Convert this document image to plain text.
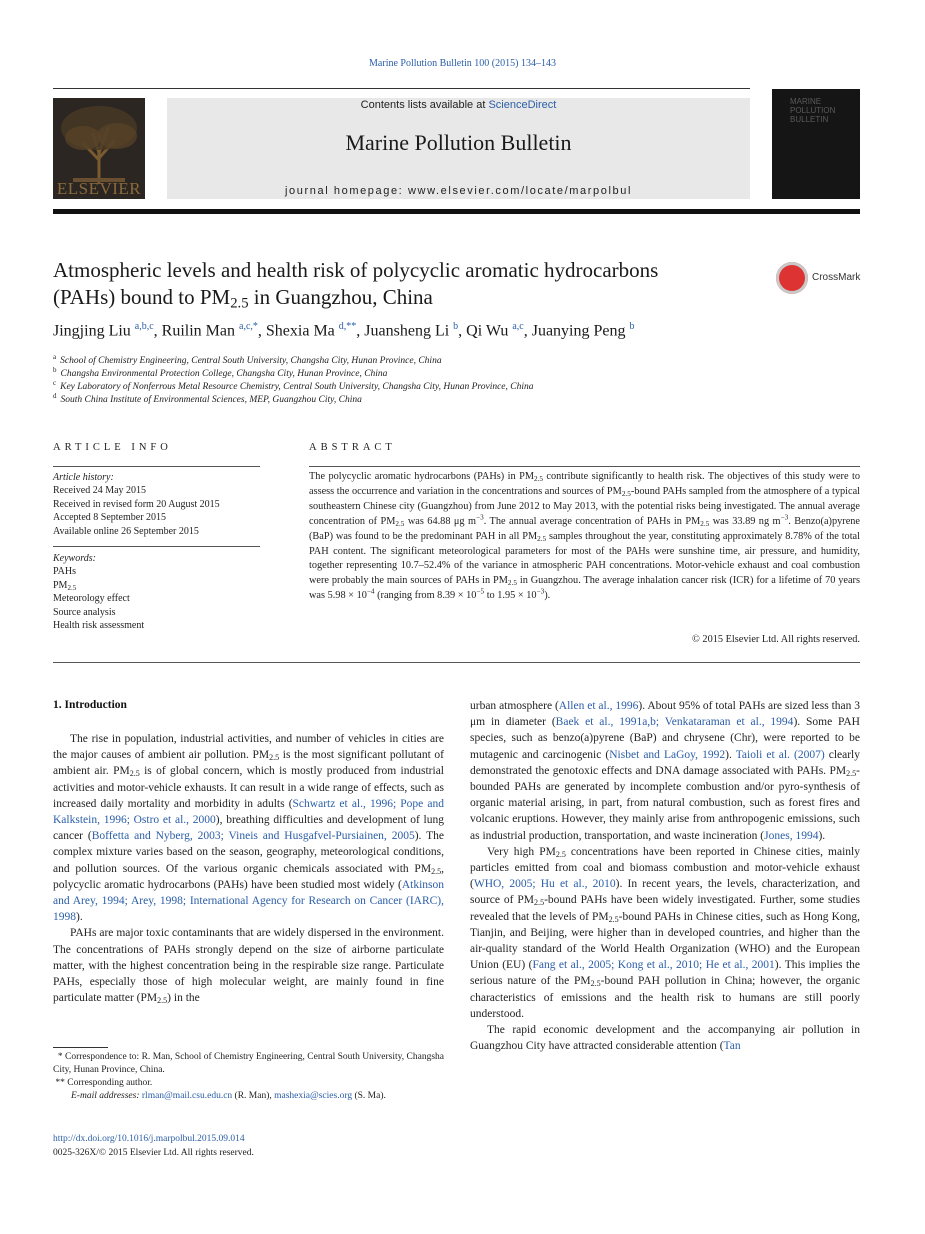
Marine Pollution Bulletin 100 (2015) 134–143
ELSEVIER
Contents lists available at ScienceDirect
Marine Pollution Bulletin
journal homepage: www.elsevier.com/locate/marpolbul
MARINE POLLUTION BULLETIN
Atmospheric levels and health risk of polycyclic aromatic hydrocarbons
(PAHs) bound to $PM_{2.5}$ in Guangzhou, China
CrossMark
Jingjing Liu $^{a,b,c}$, Ruilin Man $^{a,c,*}$, Shexia Ma $^{d,**}$, Juansheng Li $^b$, Qi Wu $^{a,c}$, Juanying Peng $^b$
$^a$ School of Chemistry Engineering, Central South University, Changsha City, Hunan Province, China
$^b$ Changsha Environmental Protection College, Changsha City, Hunan Province, China
$^c$ Key Laboratory of Nonferrous Metal Resource Chemistry, Central South University, Changsha City, Hunan Province, China
$^d$ South China Institute of Environmental Sciences, MEP, Guangzhou City, China
ARTICLE INFO
Article history:
Received 24 May 2015
Received in revised form 20 August 2015
Accepted 8 September 2015
Available online 26 September 2015
Keywords:
PAHs
$PM_{2.5}$
Meteorology effect
Source analysis
Health risk assessment
ABSTRACT
The polycyclic aromatic hydrocarbons (PAHs) in $PM_{2.5}$ contribute significantly to health risk. The objectives of this study were to assess the occurrence and variation in the concentrations and sources of $PM_{2.5}$-bound PAHs sampled from the atmosphere of a typical southeastern Chinese city (Guangzhou) from June 2012 to May 2013, with the potential risks being investigated. The annual average concentration of $PM_{2.5}$ was 64.88 μg $m^{-3}$. The annual average concentration of PAHs in $PM_{2.5}$ was 33.89 ng $m^{-3}$. Benzo(a)pyrene (BaP) was found to be the predominant PAH in all $PM_{2.5}$ samples throughout the year, constituting approximately 8.78% of the total PAH content. The significant meteorological parameters for most of the PAHs were sunshine time, air pressure, and humidity, together representing 10.7–52.4% of the variance in atmospheric PAH concentrations. Motor-vehicle exhaust and coal combustion were probably the main sources of PAHs in $PM_{2.5}$ in Guangzhou. The average inhalation cancer risk (ICR) for a lifetime of 70 years was $5.98 \times 10^{-4}$ (ranging from $8.39 \times 10^{-5}$ to $1.95 \times 10^{-3}$).
© 2015 Elsevier Ltd. All rights reserved.
1. Introduction

The rise in population, industrial activities, and number of vehicles in cities are the major causes of ambient air pollution. $PM_{2.5}$ is the most significant pollutant of ambient air. $PM_{2.5}$ is of global concern, which is mostly produced from industrial activities and motor-vehicle exhausts. It can result in a wide range of effects, such as increased daily mortality and morbidity in adults (Schwartz et al., 1996; Pope and Kalkstein, 1996; Ostro et al., 2000), breathing difficulties and development of lung cancer (Boffetta and Nyberg, 2003; Vineis and Husgafvel-Pursiainen, 2005). The complex mixture varies based on the season, geography, meteorological conditions, and pollution sources. Of the various organic chemicals associated with $PM_{2.5}$, polycyclic aromatic hydrocarbons (PAHs) have been studied most widely (Atkinson and Arey, 1994; Arey, 1998; International Agency for Research on Cancer (IARC), 1998).

PAHs are major toxic contaminants that are widely dispersed in the environment. The concentrations of PAHs strongly depend on the size of airborne particulate matter, with the highest concentration being in the respirable size range. Particulate PAHs, especially those of high molecular weight, are mainly found in fine particulate matter $(PM_{2.5})$ in the

urban atmosphere (Allen et al., 1996). About 95% of total PAHs are sized less than 3 μm in diameter (Baek et al., 1991a,b; Venkataraman et al., 1994). Some PAH species, such as benzo(a)pyrene (BaP) and chrysene (Chr), were reported to be mutagenic and carcinogenic (Nisbet and LaGoy, 1992). Taioli et al. (2007) clearly demonstrated the genotoxic effects and DNA damage associated with PAHs. $PM_{2.5}$-bounded PAHs are generated by incomplete combustion and/or pyro-synthesis of organic material arising, in part, from natural combustion, such as forest fires and volcanic eruptions. However, they mainly arise from anthropogenic emissions, such as industrial production, transportation, and waste incineration (Jones, 1994).

Very high $PM_{2.5}$ concentrations have been reported in Chinese cities, mainly particles emitted from coal and biomass combustion and motor-vehicle exhaust (WHO, 2005; Hu et al., 2010). In recent years, the levels, characterization, and source of $PM_{2.5}$-bound PAHs have been widely investigated. Further, some studies revealed that the levels of $PM_{2.5}$-bound PAHs in Chinese cities, such as Hong Kong, Tianjin, and Beijing, were higher than in developed countries, and higher than the air-quality standard of the World Health Organization (WHO) and the European Union (EU) (Fang et al., 2005; Kong et al., 2010; He et al., 2001). This implies the serious nature of the $PM_{2.5}$-bound PAH pollution in China; however, the organic characteristics of emissions and the health risk to humans are still poorly understood.

The rapid economic development and the accompanying air pollution in Guangzhou City have attracted considerable attention (Tan

* Correspondence to: R. Man, School of Chemistry Engineering, Central South University, Changsha City, Hunan Province, China.
** Corresponding author.
E-mail addresses: rlman@mail.csu.edu.cn (R. Man), mashexia@scies.org (S. Ma).
http://dx.doi.org/10.1016/j.marpolbul.2015.09.014
0025-326X/© 2015 Elsevier Ltd. All rights reserved.
